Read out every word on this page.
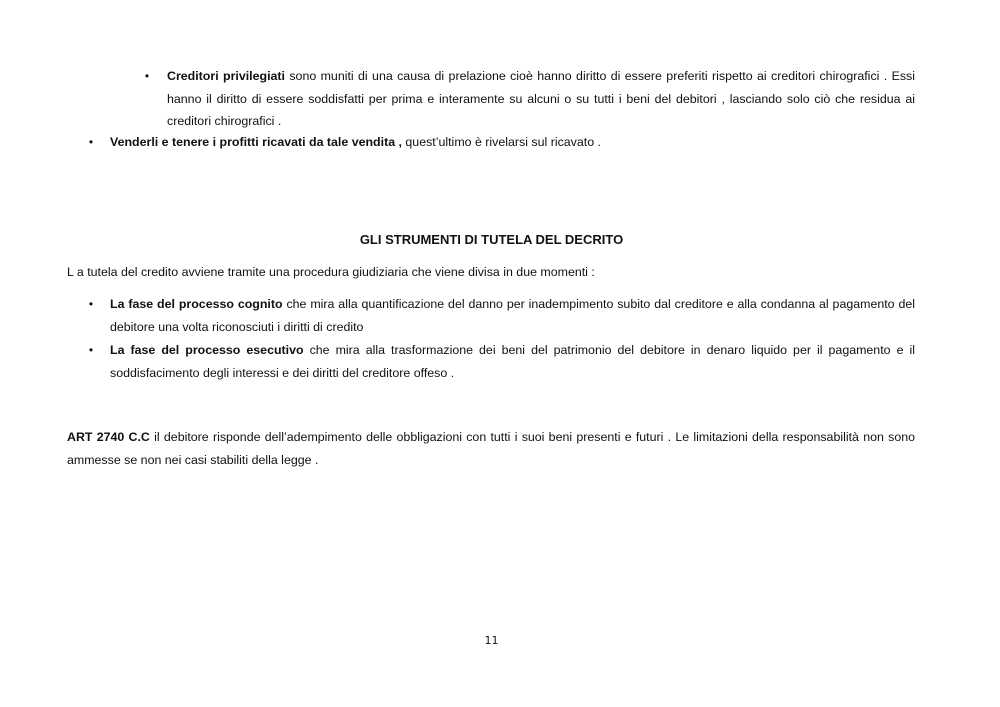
• Creditori privilegiati sono muniti di una causa di prelazione cioè hanno diritto di essere preferiti rispetto ai creditori chirografici . Essi hanno il diritto di essere soddisfatti per prima e interamente su alcuni o su tutti i beni del debitori , lasciando solo ciò che residua ai creditori chirografici .

• Venderli e tenere i profitti ricavati da tale vendita , quest’ultimo è rivelarsi sul ricavato .

GLI STRUMENTI DI TUTELA DEL DECRITO

L a tutela del credito avviene tramite una procedura giudiziaria che viene divisa in due momenti :

• La fase del processo cognito che mira alla quantificazione del danno per inadempimento subito dal creditore e alla condanna al pagamento del debitore una volta riconosciuti i diritti di credito

• La fase del processo esecutivo che mira alla trasformazione dei beni del patrimonio del debitore in denaro liquido per il pagamento e il soddisfacimento degli interessi e dei diritti del creditore offeso .

ART 2740 C.C il debitore risponde dell’adempimento delle obbligazioni con tutti i suoi beni presenti e futuri . Le limitazioni della responsabilità non sono ammesse se non nei casi stabiliti della legge .

11
